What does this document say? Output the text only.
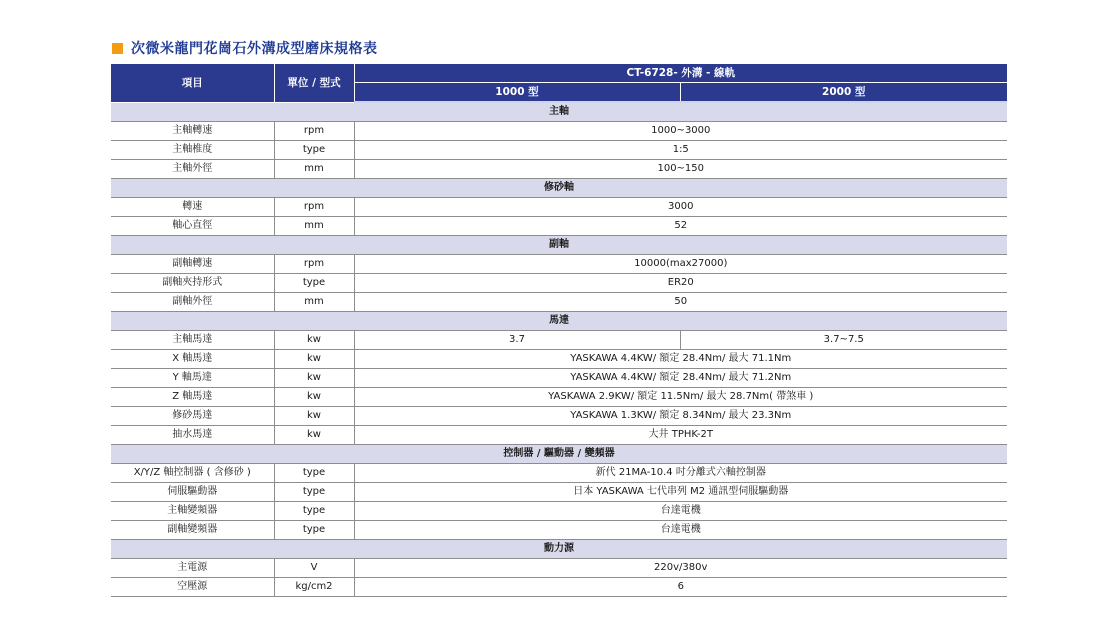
次微米龍門花崗石外溝成型磨床規格表
項目	單位 / 型式	CT-6728- 外溝 - 線軌	
		1000 型	2000 型
主軸			
主軸轉速	rpm	1000~3000	
主軸椎度	type	1:5	
主軸外徑	mm	100~150	
修砂軸			
轉速	rpm	3000	
軸心直徑	mm	52	
副軸			
副軸轉速	rpm	10000(max27000)	
副軸夾持形式	type	ER20	
副軸外徑	mm	50	
馬達			
主軸馬達	kw	3.7	3.7~7.5
X 軸馬達	kw	YASKAWA 4.4KW/ 額定 28.4Nm/ 最大 71.1Nm	
Y 軸馬達	kw	YASKAWA 4.4KW/ 額定 28.4Nm/ 最大 71.2Nm	
Z 軸馬達	kw	YASKAWA 2.9KW/ 額定 11.5Nm/ 最大 28.7Nm( 帶煞車 )	
修砂馬達	kw	YASKAWA 1.3KW/ 額定 8.34Nm/ 最大 23.3Nm	
抽水馬達	kw	大井 TPHK-2T	
控制器 / 驅動器 / 變頻器			
X/Y/Z 軸控制器 ( 含修砂 )	type	新代 21MA-10.4 吋分離式六軸控制器	
伺服驅動器	type	日本 YASKAWA 七代串列 M2 通訊型伺服驅動器	
主軸變頻器	type	台達電機	
副軸變頻器	type	台達電機	
動力源			
主電源	V	220v/380v	
空壓源	kg/cm2	6	
